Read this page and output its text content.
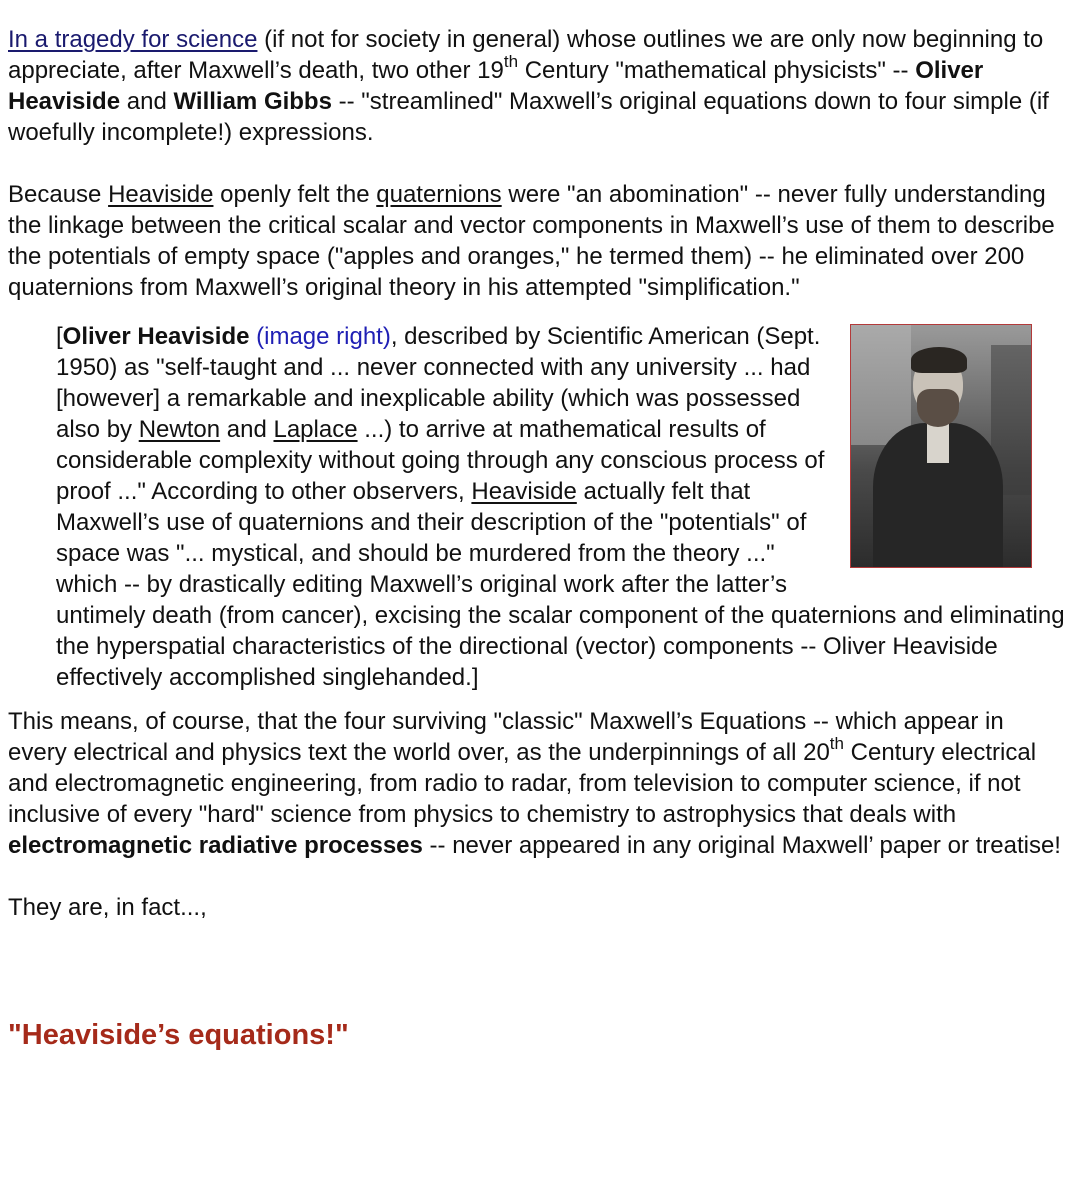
In a tragedy for science (if not for society in general) whose outlines we are only now beginning to appreciate, after Maxwell’s death, two other 19th Century "mathematical physicists" -- Oliver Heaviside and William Gibbs -- "streamlined" Maxwell’s original equations down to four simple (if woefully incomplete!) expressions.

Because Heaviside openly felt the quaternions were "an abomination" -- never fully understanding the linkage between the critical scalar and vector components in Maxwell’s use of them to describe the potentials of empty space ("apples and oranges," he termed them) -- he eliminated over 200 quaternions from Maxwell’s original theory in his attempted "simplification."

[Oliver Heaviside (image right), described by Scientific American (Sept. 1950) as "self-taught and ... never connected with any university ... had [however] a remarkable and inexplicable ability (which was possessed also by Newton and Laplace ...) to arrive at mathematical results of considerable complexity without going through any conscious process of proof ..." According to other observers, Heaviside actually felt that Maxwell’s use of quaternions and their description of the "potentials" of space was "... mystical, and should be murdered from the theory ..." which -- by drastically editing Maxwell’s original work after the latter’s untimely death (from cancer), excising the scalar component of the quaternions and eliminating the hyperspatial characteristics of the directional (vector) components -- Oliver Heaviside effectively accomplished singlehanded.]

This means, of course, that the four surviving "classic" Maxwell’s Equations -- which appear in every electrical and physics text the world over, as the underpinnings of all 20th Century electrical and electromagnetic engineering, from radio to radar, from television to computer science, if not inclusive of every "hard" science from physics to chemistry to astrophysics that deals with electromagnetic radiative processes -- never appeared in any original Maxwell’ paper or treatise!

They are, in fact...,

"Heaviside’s equations!"
